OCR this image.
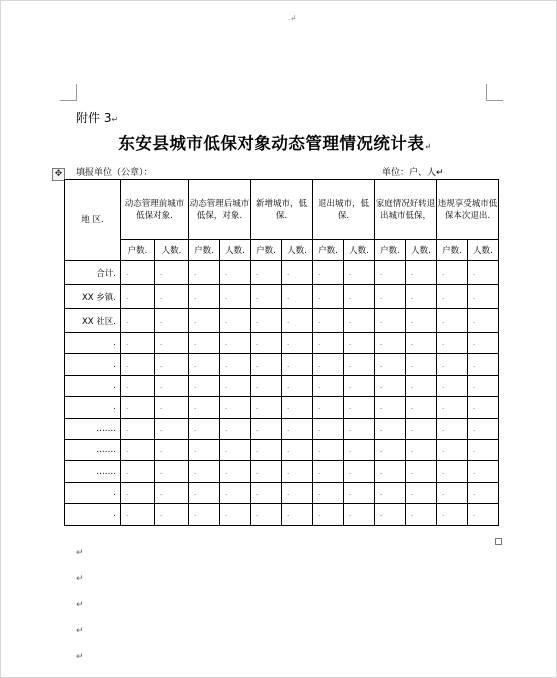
.↲
附件 3↵
东安县城市低保对象动态管理情况统计表↵
✥	填报单位（公章）：	单位：户、人↵
地 区.	动态管理前城市低保对象.		动态管理后城市低保，对象.		新增城市，低保.		退出城市，低保.		家庭情况好转退出城市低保，		违规享受城市低保本次退出.	
	户数.	人数.	户数.	人数.	户数.	人数.	户数.	人数.	户数.	人数.	户数.	人数.
合计.	.	.	.	.	.	.	.	.	.	.	.	.
XX 乡镇.	.	.	.	.	.	.	.	.	.	.	.	.
XX 社区.	.	.	.	.	.	.	.	.	.	.	.	.
.	.	.	.	.	.	.	.	.	.	.	.	.
.	.	.	.	.	.	.	.	.	.	.	.	.
.	.	.	.	.	.	.	.	.	.	.	.	.
.	.	.	.	.	.	.	.	.	.	.	.	.
…….	.	.	.	.	.	.	.	.	.	.	.	.
…….	.	.	.	.	.	.	.	.	.	.	.	.
…….	.	.	.	.	.	.	.	.	.	.	.	.
.	.	.	.	.	.	.	.	.	.	.	.	.
.	.	.	.	.	.	.	.	.	.	.	.	.
↵
↵
↵
↵
↵
